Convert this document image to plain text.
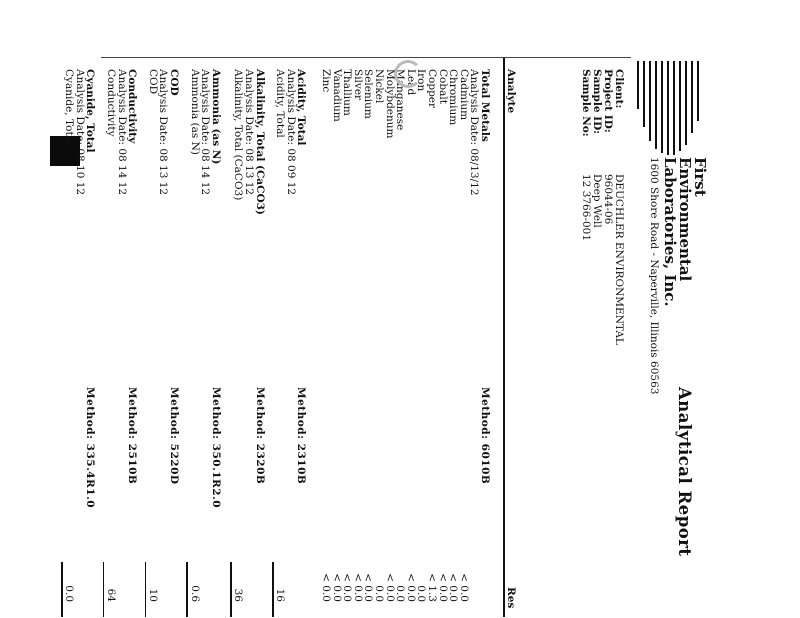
First
Environmental
Laboratories, Inc.
1600 Shore Road - Naperville, Illinois 60563
Analytical Report
Client:
DEUCHLER ENVIRONMENTAL
Project ID:
96044-06
Sample ID:
Deep Well
Sample No:
12 3766-001
Analyte
Res
Total Metals
Analysis Date: 08/13/12
Method: 6010B
Cadmium
< 0.0
Chromium
< 0.0
Cobalt
< 0.0
Copper
< 1.3
Iron
0.0
Lead
< 0.0
Manganese
0.0
Molybdenum
< 0.0
Nickel
0.0
Selenium
< 0.0
Silver
< 0.0
Thallium
< 0.0
Vanadium
< 0.0
Zinc
< 0.0
Acidity, Total
Analysis Date: 08 09 12
Method: 2310B
Acidity, Total
16
Alkalinity, Total (CaCO3)
Analysis Date: 08 13 12
Method: 2320B
Alkalinity, Total (CaCO3)
36
Ammonia (as N)
Analysis Date: 08 14 12
Method: 350.1R2.0
Ammonia (as N)
0.6
COD
Analysis Date: 08 13 12
Method: 5220D
COD
10
Conductivity
Analysis Date: 08 14 12
Method: 2510B
Conductivity
64
Cyanide, Total
Analysis Date: 08 10 12
Method: 335.4R1.0
Cyanide, Total
0.0
